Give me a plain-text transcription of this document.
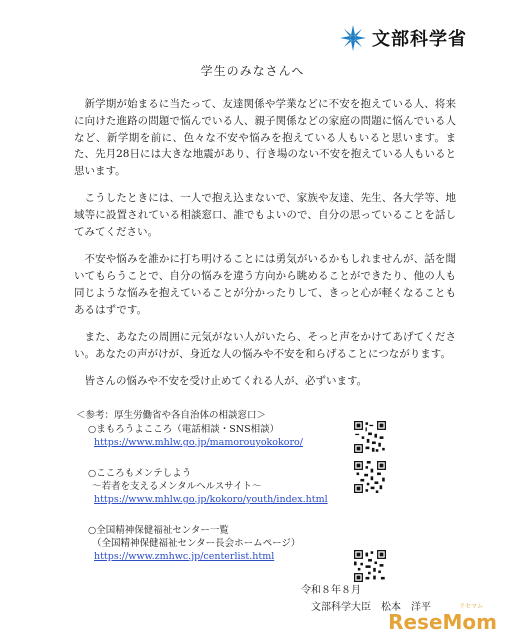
文部科学省
学生のみなさんへ

新学期が始まるに当たって、友達関係や学業などに不安を抱えている人、将来に向けた進路の問題で悩んでいる人、親子関係などの家庭の問題に悩んでいる人など、新学期を前に、色々な不安や悩みを抱えている人もいると思います。また、先月28日には大きな地震があり、行き場のない不安を抱えている人もいると思います。

こうしたときには、一人で抱え込まないで、家族や友達、先生、各大学等、地域等に設置されている相談窓口、誰でもよいので、自分の思っていることを話してみてください。

不安や悩みを誰かに打ち明けることには勇気がいるかもしれませんが、話を聞いてもらうことで、自分の悩みを違う方向から眺めることができたり、他の人も同じような悩みを抱えていることが分かったりして、きっと心が軽くなることもあるはずです。

また、あなたの周囲に元気がない人がいたら、そっと声をかけてあげてください。あなたの声がけが、身近な人の悩みや不安を和らげることにつながります。

皆さんの悩みや不安を受け止めてくれる人が、必ずいます。

＜参考：厚生労働省や各自治体の相談窓口＞
○まもろうよこころ（電話相談・SNS相談）
https://www.mhlw.go.jp/mamorouyokokoro/
○こころもメンテしよう
～若者を支えるメンタルヘルスサイト～
https://www.mhlw.go.jp/kokoro/youth/index.html
○全国精神保健福祉センター一覧
（全国精神保健福祉センター長会ホームページ）
https://www.zmhwc.jp/centerlist.html
令和８年８月
文部科学大臣　松本　洋平	リセマム
ReseMom
